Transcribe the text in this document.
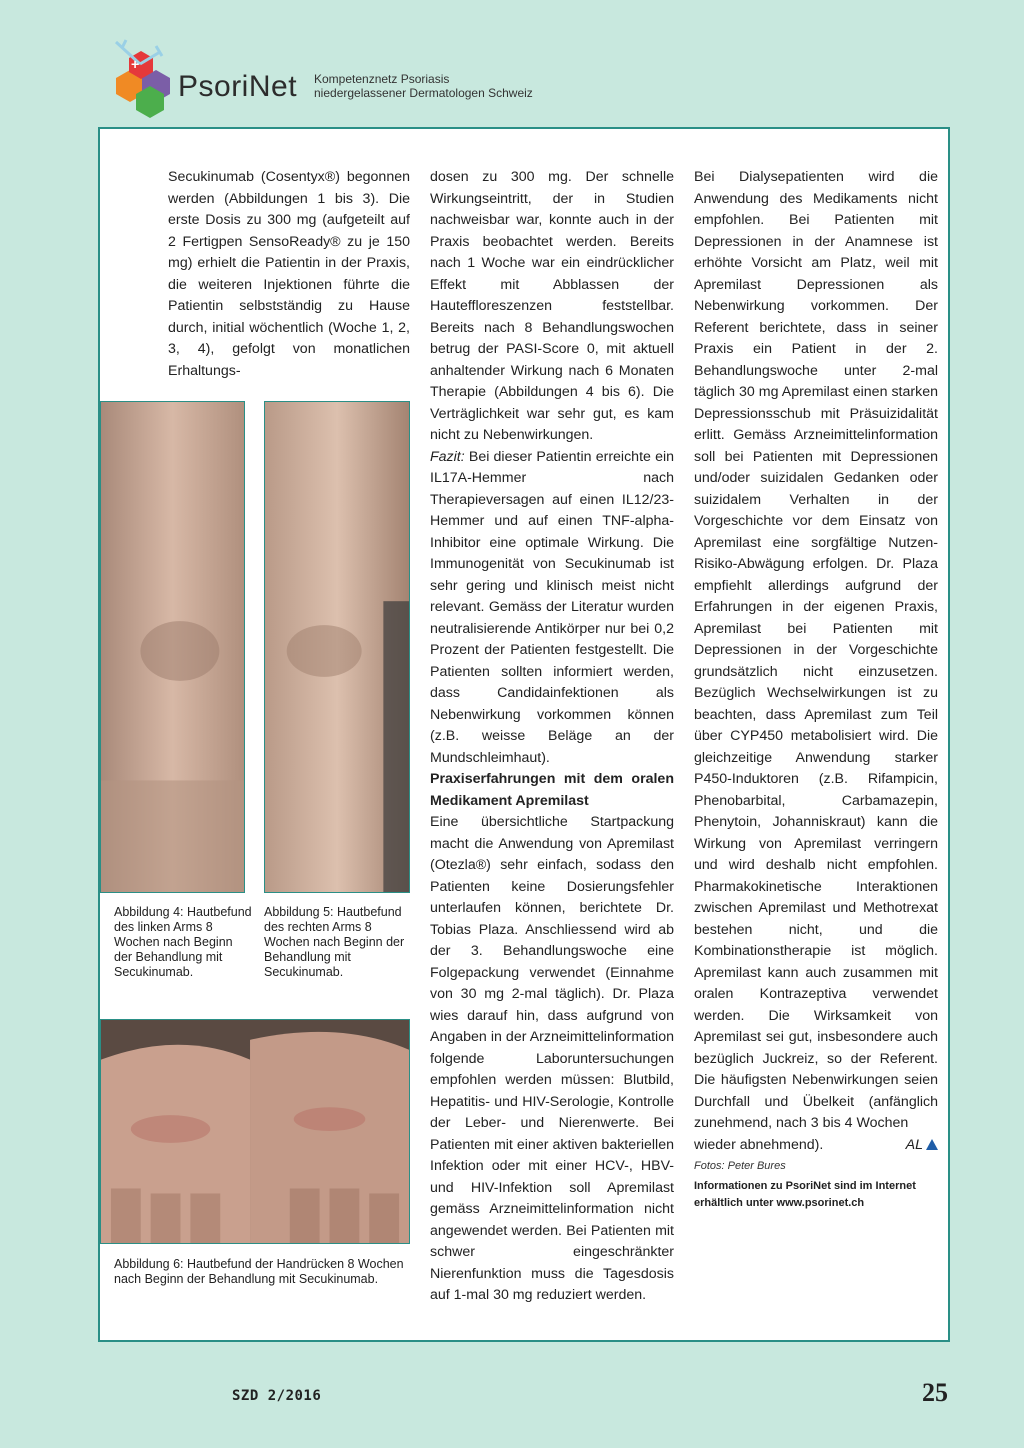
+
PsoriNet Kompetenznetz Psoriasis
niedergelassener Dermatologen Schweiz

Secukinumab (Cosentyx®) begonnen werden (Abbildungen 1 bis 3). Die erste Dosis zu 300 mg (aufgeteilt auf 2 Fertigpen SensoReady® zu je 150 mg) erhielt die Patientin in der Praxis, die weiteren Injektionen führte die Patientin selbstständig zu Hause durch, initial wöchentlich (Woche 1, 2, 3, 4), gefolgt von monatlichen Erhaltungs-

Abbildung 4: Hautbefund des linken Arms 8 Wochen nach Beginn der Behandlung mit Secukinumab.
Abbildung 5: Hautbefund des rechten Arms 8 Wochen nach Beginn der Behandlung mit Secukinumab.
Abbildung 6: Hautbefund der Handrücken 8 Wochen nach Beginn der Behandlung mit Secukinumab.

dosen zu 300 mg. Der schnelle Wirkungseintritt, der in Studien nachweisbar war, konnte auch in der Praxis beobachtet werden. Bereits nach 1 Woche war ein eindrücklicher Effekt mit Abblassen der Hauteffloreszenzen feststellbar. Bereits nach 8 Behandlungswochen betrug der PASI-Score 0, mit aktuell anhaltender Wirkung nach 6 Monaten Therapie (Abbildungen 4 bis 6). Die Verträglichkeit war sehr gut, es kam nicht zu Nebenwirkungen.

Fazit: Bei dieser Patientin erreichte ein IL17A-Hemmer nach Therapieversagen auf einen IL12/23-Hemmer und auf einen TNF-alpha-Inhibitor eine optimale Wirkung. Die Immunogenität von Secukinumab ist sehr gering und klinisch meist nicht relevant. Gemäss der Literatur wurden neutralisierende Antikörper nur bei 0,2 Prozent der Patienten festgestellt. Die Patienten sollten informiert werden, dass Candidainfektionen als Nebenwirkung vorkommen können (z.B. weisse Beläge an der Mundschleimhaut).

Praxiserfahrungen mit dem oralen Medikament Apremilast

Eine übersichtliche Startpackung macht die Anwendung von Apremilast (Otezla®) sehr einfach, sodass den Patienten keine Dosierungsfehler unterlaufen können, berichtete Dr. Tobias Plaza. Anschliessend wird ab der 3. Behandlungswoche eine Folgepackung verwendet (Einnahme von 30 mg 2-mal täglich). Dr. Plaza wies darauf hin, dass aufgrund von Angaben in der Arzneimittelinformation folgende Laboruntersuchungen empfohlen werden müssen: Blutbild, Hepatitis- und HIV-Serologie, Kontrolle der Leber- und Nierenwerte. Bei Patienten mit einer aktiven bakteriellen Infektion oder mit einer HCV-, HBV- und HIV-Infektion soll Apremilast gemäss Arzneimittelinformation nicht angewendet werden. Bei Patienten mit schwer eingeschränkter Nierenfunktion muss die Tagesdosis auf 1-mal 30 mg reduziert werden.

Bei Dialysepatienten wird die Anwendung des Medikaments nicht empfohlen. Bei Patienten mit Depressionen in der Anamnese ist erhöhte Vorsicht am Platz, weil mit Apremilast Depressionen als Nebenwirkung vorkommen. Der Referent berichtete, dass in seiner Praxis ein Patient in der 2. Behandlungswoche unter 2-mal täglich 30 mg Apremilast einen starken Depressionsschub mit Präsuizidalität erlitt. Gemäss Arzneimittelinformation soll bei Patienten mit Depressionen und/oder suizidalen Gedanken oder suizidalem Verhalten in der Vorgeschichte vor dem Einsatz von Apremilast eine sorgfältige Nutzen-Risiko-Abwägung erfolgen. Dr. Plaza empfiehlt allerdings aufgrund der Erfahrungen in der eigenen Praxis, Apremilast bei Patienten mit Depressionen in der Vorgeschichte grundsätzlich nicht einzusetzen. Bezüglich Wechselwirkungen ist zu beachten, dass Apremilast zum Teil über CYP450 metabolisiert wird. Die gleichzeitige Anwendung starker P450-Induktoren (z.B. Rifampicin, Phenobarbital, Carbamazepin, Phenytoin, Johanniskraut) kann die Wirkung von Apremilast verringern und wird deshalb nicht empfohlen. Pharmakokinetische Interaktionen zwischen Apremilast und Methotrexat bestehen nicht, und die Kombinationstherapie ist möglich. Apremilast kann auch zusammen mit oralen Kontrazeptiva verwendet werden. Die Wirksamkeit von Apremilast sei gut, insbesondere auch bezüglich Juckreiz, so der Referent. Die häufigsten Nebenwirkungen seien Durchfall und Übelkeit (anfänglich zunehmend, nach 3 bis 4 Wochen

wieder abnehmend).	AL

Fotos: Peter Bures

Informationen zu PsoriNet sind im Internet erhältlich unter www.psorinet.ch

SZD 2/2016	25
